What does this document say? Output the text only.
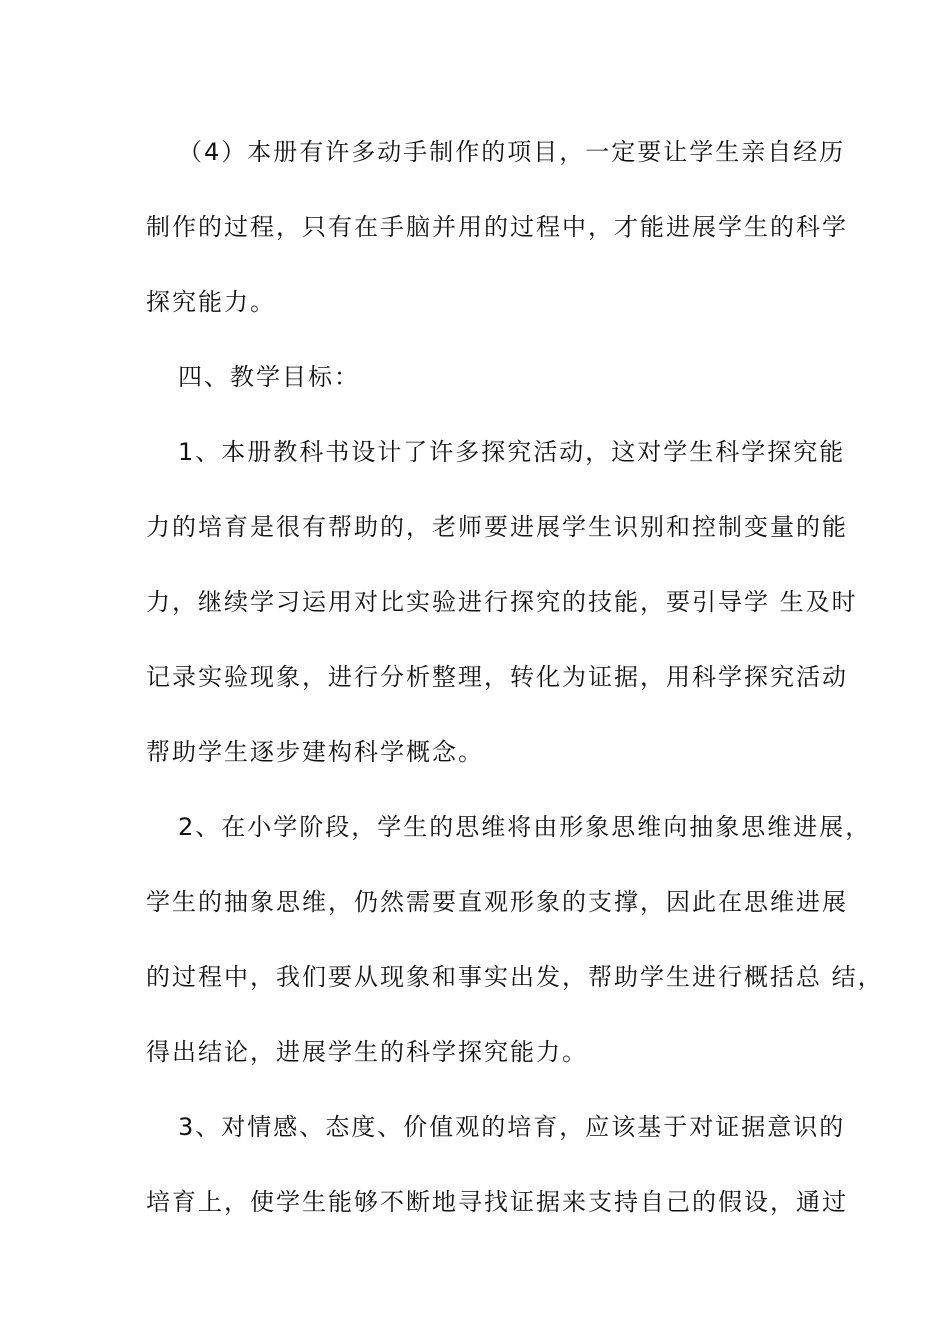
（4）本册有许多动手制作的项目，一定要让学生亲自经历
制作的过程，只有在手脑并用的过程中，才能进展学生的科学
探究能力。
四、教学目标：
1、本册教科书设计了许多探究活动，这对学生科学探究能
力的培育是很有帮助的，老师要进展学生识别和控制变量的能
力，继续学习运用对比实验进行探究的技能，要引导学 生及时
记录实验现象，进行分析整理，转化为证据，用科学探究活动
帮助学生逐步建构科学概念。
2、在小学阶段，学生的思维将由形象思维向抽象思维进展，
学生的抽象思维，仍然需要直观形象的支撑，因此在思维进展
的过程中，我们要从现象和事实出发，帮助学生进行概括总 结，
得出结论，进展学生的科学探究能力。
3、对情感、态度、价值观的培育，应该基于对证据意识的
培育上，使学生能够不断地寻找证据来支持自己的假设，通过
